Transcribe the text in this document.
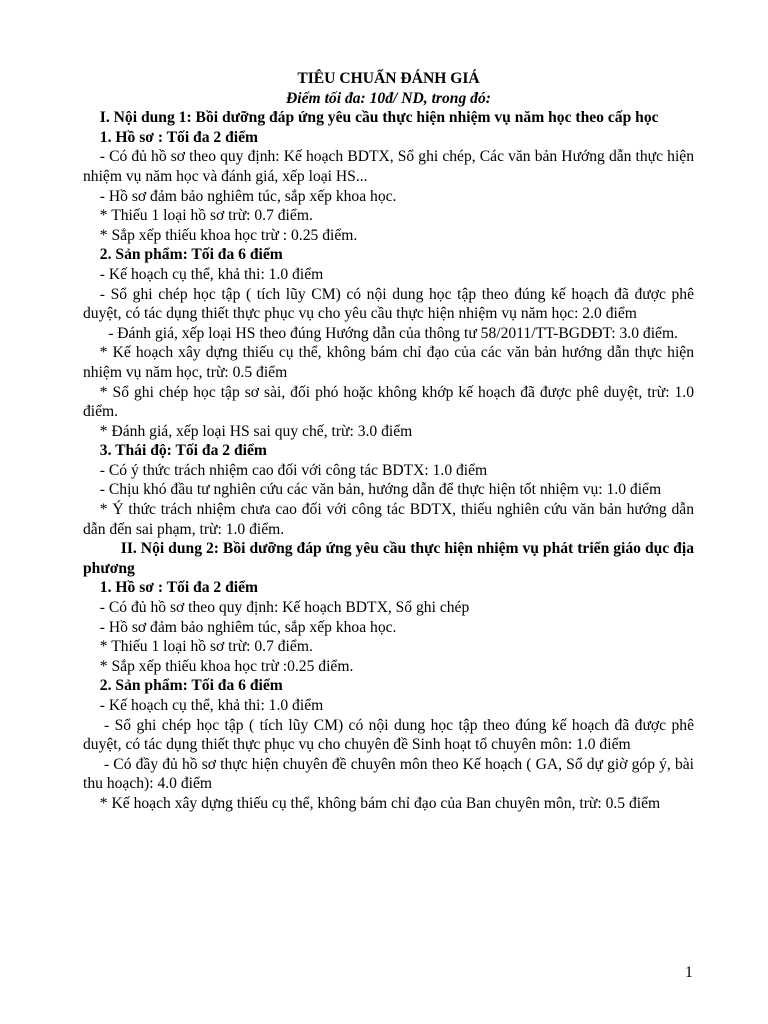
TIÊU CHUẨN ĐÁNH GIÁ

Điểm tối đa: 10đ/ ND, trong đó:

I. Nội dung 1: Bồi dưỡng đáp ứng yêu cầu thực hiện nhiệm vụ năm học theo cấp học

1. Hồ sơ : Tối đa 2 điểm

- Có đủ hồ sơ theo quy định: Kế hoạch BDTX, Sổ ghi chép, Các văn bản Hướng dẫn thực hiện nhiệm vụ năm học và đánh giá, xếp loại HS...

- Hồ sơ đảm bảo nghiêm túc, sắp xếp khoa học.

* Thiếu 1 loại hồ sơ trừ: 0.7 điểm.

* Sắp xếp thiếu khoa học trừ : 0.25 điểm.

2. Sản phẩm: Tối đa 6 điểm

- Kế hoạch cụ thể, khả thi: 1.0 điểm

- Sổ ghi chép học tập ( tích lũy CM) có nội dung học tập theo đúng kế hoạch đã được phê duyệt, có tác dụng thiết thực phục vụ cho yêu cầu thực hiện nhiệm vụ năm học: 2.0 điểm

- Đánh giá, xếp loại HS theo đúng Hướng dẫn của thông tư 58/2011/TT-BGDĐT: 3.0 điểm.

* Kế hoạch xây dựng thiếu cụ thể, không bám chỉ đạo của các văn bản hướng dẫn thực hiện nhiệm vụ năm học, trừ: 0.5 điểm

* Sổ ghi chép học tập sơ sài, đối phó hoặc không khớp kế hoạch đã được phê duyệt, trừ: 1.0 điểm.

* Đánh giá, xếp loại HS sai quy chế, trừ: 3.0 điểm

3. Thái độ: Tối đa 2 điểm

- Có ý thức trách nhiệm cao đối với công tác BDTX: 1.0 điểm

- Chịu khó đầu tư nghiên cứu các văn bản, hướng dẫn để thực hiện tốt nhiệm vụ: 1.0 điểm

* Ý thức trách nhiệm chưa cao đối với công tác BDTX, thiếu nghiên cứu văn bản hướng dẫn dẫn đến sai phạm, trừ: 1.0 điểm.

II. Nội dung 2: Bồi dưỡng đáp ứng yêu cầu thực hiện nhiệm vụ phát triển giáo dục địa phương

1. Hồ sơ : Tối đa 2 điểm

- Có đủ hồ sơ theo quy định: Kế hoạch BDTX, Sổ ghi chép

- Hồ sơ đảm bảo nghiêm túc, sắp xếp khoa học.

* Thiếu 1 loại hồ sơ trừ: 0.7 điểm.

* Sắp xếp thiếu khoa học trừ :0.25 điểm.

2. Sản phẩm: Tối đa 6 điểm

- Kế hoạch cụ thể, khả thi: 1.0 điểm

- Sổ ghi chép học tập ( tích lũy CM) có nội dung học tập theo đúng kế hoạch đã được phê duyệt, có tác dụng thiết thực phục vụ cho chuyên đề Sinh hoạt tổ chuyên môn: 1.0 điểm

- Có đầy đủ hồ sơ thực hiện chuyên đề chuyên môn theo Kế hoạch ( GA, Sổ dự giờ góp ý, bài thu hoạch): 4.0 điểm

* Kế hoạch xây dựng thiếu cụ thể, không bám chỉ đạo của Ban chuyên môn, trừ: 0.5 điểm

1
